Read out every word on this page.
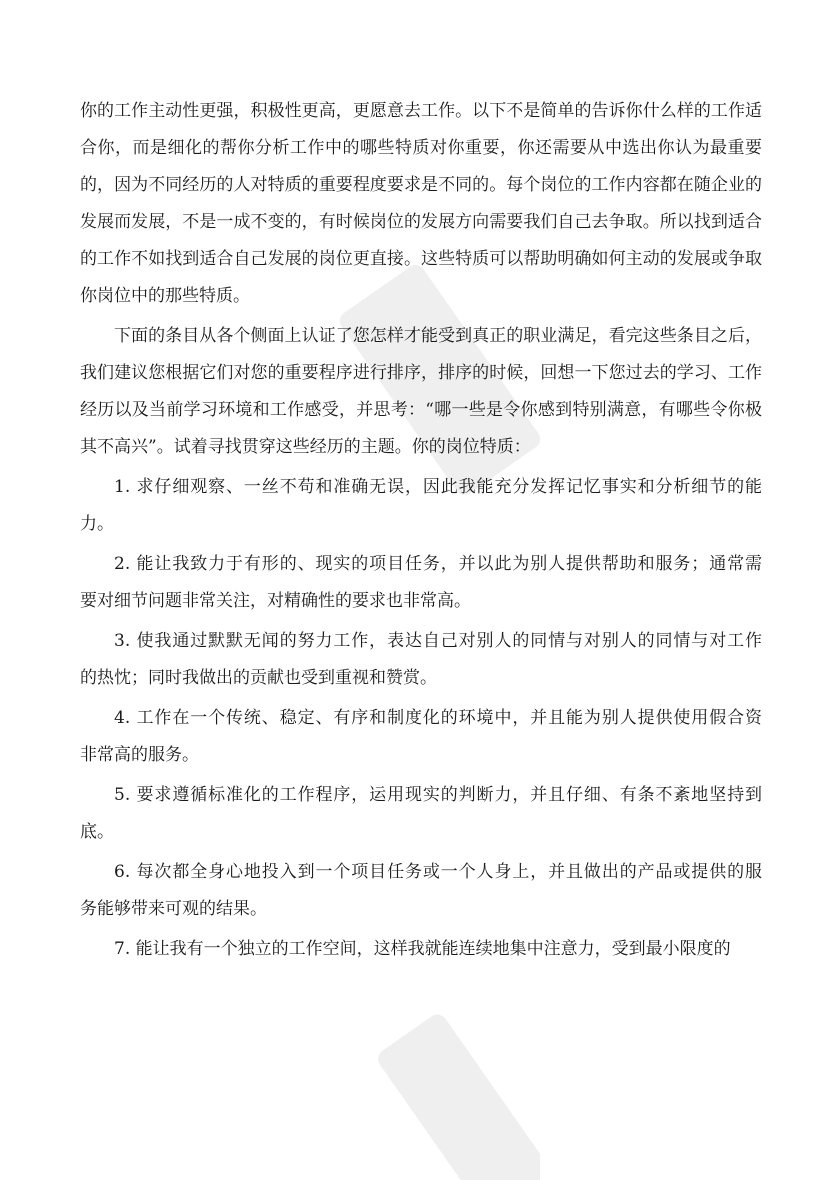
你的工作主动性更强，积极性更高，更愿意去工作。以下不是简单的告诉你什么样的工作适
合你，而是细化的帮你分析工作中的哪些特质对你重要，你还需要从中选出你认为最重要
的，因为不同经历的人对特质的重要程度要求是不同的。每个岗位的工作内容都在随企业的
发展而发展，不是一成不变的，有时候岗位的发展方向需要我们自己去争取。所以找到适合
的工作不如找到适合自己发展的岗位更直接。这些特质可以帮助明确如何主动的发展或争取
你岗位中的那些特质。
下面的条目从各个侧面上认证了您怎样才能受到真正的职业满足，看完这些条目之后，
我们建议您根据它们对您的重要程序进行排序，排序的时候，回想一下您过去的学习、工作
经历以及当前学习环境和工作感受，并思考：“哪一些是令你感到特别满意，有哪些令你极
其不高兴”。试着寻找贯穿这些经历的主题。你的岗位特质：
1. 求仔细观察、一丝不苟和准确无误，因此我能充分发挥记忆事实和分析细节的能
力。
2. 能让我致力于有形的、现实的项目任务，并以此为别人提供帮助和服务；通常需
要对细节问题非常关注，对精确性的要求也非常高。
3. 使我通过默默无闻的努力工作，表达自己对别人的同情与对别人的同情与对工作
的热忱；同时我做出的贡献也受到重视和赞赏。
4. 工作在一个传统、稳定、有序和制度化的环境中，并且能为别人提供使用假合资
非常高的服务。
5. 要求遵循标准化的工作程序，运用现实的判断力，并且仔细、有条不紊地坚持到
底。
6. 每次都全身心地投入到一个项目任务或一个人身上，并且做出的产品或提供的服
务能够带来可观的结果。
7. 能让我有一个独立的工作空间，这样我就能连续地集中注意力，受到最小限度的
